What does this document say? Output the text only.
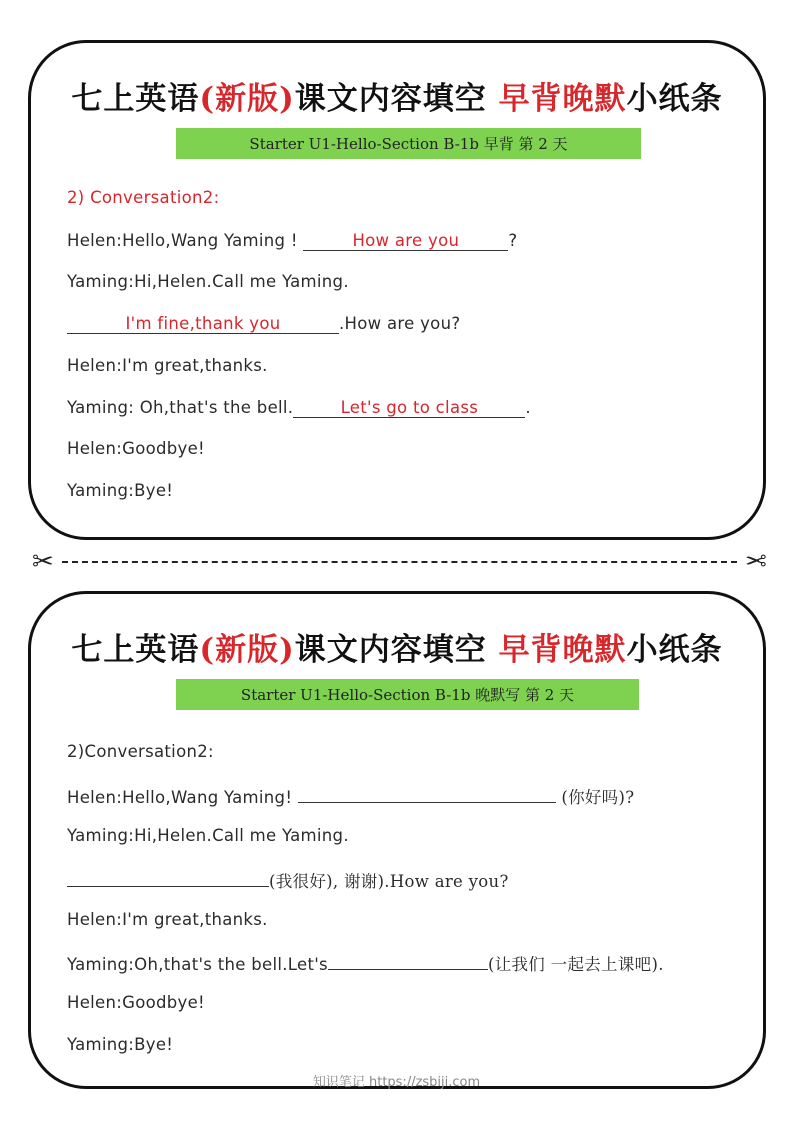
七上英语(新版)课文内容填空 早背晚默小纸条
Starter U1-Hello-Section B-1b 早背 第 2 天
2) Conversation2:
Helen:Hello,Wang Yaming !	How are you	?
Yaming:Hi,Helen.Call me Yaming.
I'm fine,thank you	.How are you?
Helen:I'm great,thanks.
Yaming: Oh,that's the bell.	Let's go to class	.
Helen:Goodbye!
Yaming:Bye!
✂	✂
七上英语(新版)课文内容填空 早背晚默小纸条
Starter U1-Hello-Section B-1b 晚默写 第 2 天
2)Conversation2:
Helen:Hello,Wang Yaming!	(你好吗)?
Yaming:Hi,Helen.Call me Yaming.
(我很好), 谢谢).How are you?
Helen:I'm great,thanks.
Yaming:Oh,that's the bell.Let's	(让我们 一起去上课吧).
Helen:Goodbye!
Yaming:Bye!
知识笔记 https://zsbiji.com
